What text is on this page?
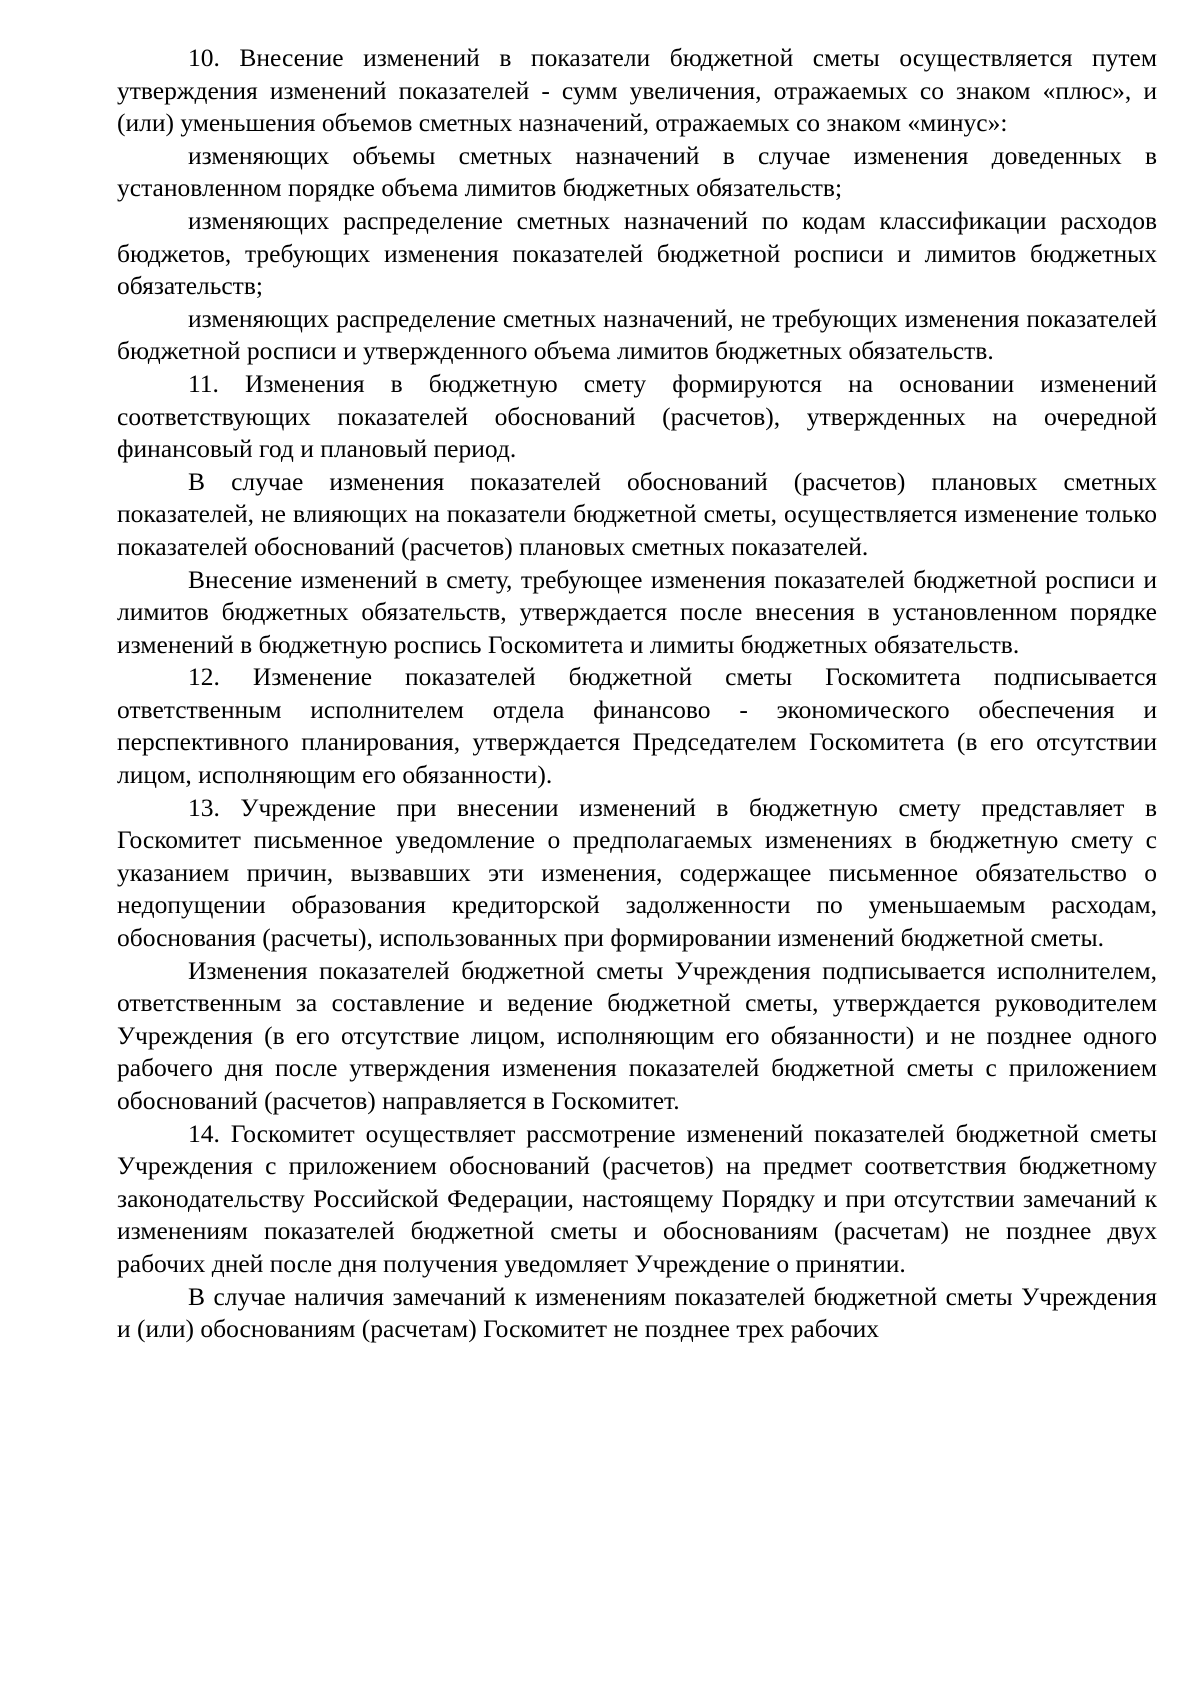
10. Внесение изменений в показатели бюджетной сметы осуществляется путем утверждения изменений показателей - сумм увеличения, отражаемых со знаком «плюс», и (или) уменьшения объемов сметных назначений, отражаемых со знаком «минус»:

изменяющих объемы сметных назначений в случае изменения доведенных в установленном порядке объема лимитов бюджетных обязательств;

изменяющих распределение сметных назначений по кодам классификации расходов бюджетов, требующих изменения показателей бюджетной росписи и лимитов бюджетных обязательств;

изменяющих распределение сметных назначений, не требующих изменения показателей бюджетной росписи и утвержденного объема лимитов бюджетных обязательств.

11. Изменения в бюджетную смету формируются на основании изменений соответствующих показателей обоснований (расчетов), утвержденных на очередной финансовый год и плановый период.

В случае изменения показателей обоснований (расчетов) плановых сметных показателей, не влияющих на показатели бюджетной сметы, осуществляется изменение только показателей обоснований (расчетов) плановых сметных показателей.

Внесение изменений в смету, требующее изменения показателей бюджетной росписи и лимитов бюджетных обязательств, утверждается после внесения в установленном порядке изменений в бюджетную роспись Госкомитета и лимиты бюджетных обязательств.

12. Изменение показателей бюджетной сметы Госкомитета подписывается ответственным исполнителем отдела финансово - экономического обеспечения и перспективного планирования, утверждается Председателем Госкомитета (в его отсутствии лицом, исполняющим его обязанности).

13. Учреждение при внесении изменений в бюджетную смету представляет в Госкомитет письменное уведомление о предполагаемых изменениях в бюджетную смету с указанием причин, вызвавших эти изменения, содержащее письменное обязательство о недопущении образования кредиторской задолженности по уменьшаемым расходам, обоснования (расчеты), использованных при формировании изменений бюджетной сметы.

Изменения показателей бюджетной сметы Учреждения подписывается исполнителем, ответственным за составление и ведение бюджетной сметы, утверждается руководителем Учреждения (в его отсутствие лицом, исполняющим его обязанности) и не позднее одного рабочего дня после утверждения изменения показателей бюджетной сметы с приложением обоснований (расчетов) направляется в Госкомитет.

14. Госкомитет осуществляет рассмотрение изменений показателей бюджетной сметы Учреждения с приложением обоснований (расчетов) на предмет соответствия бюджетному законодательству Российской Федерации, настоящему Порядку и при отсутствии замечаний к изменениям показателей бюджетной сметы и обоснованиям (расчетам) не позднее двух рабочих дней после дня получения уведомляет Учреждение о принятии.

В случае наличия замечаний к изменениям показателей бюджетной сметы Учреждения и (или) обоснованиям (расчетам) Госкомитет не позднее трех рабочих
